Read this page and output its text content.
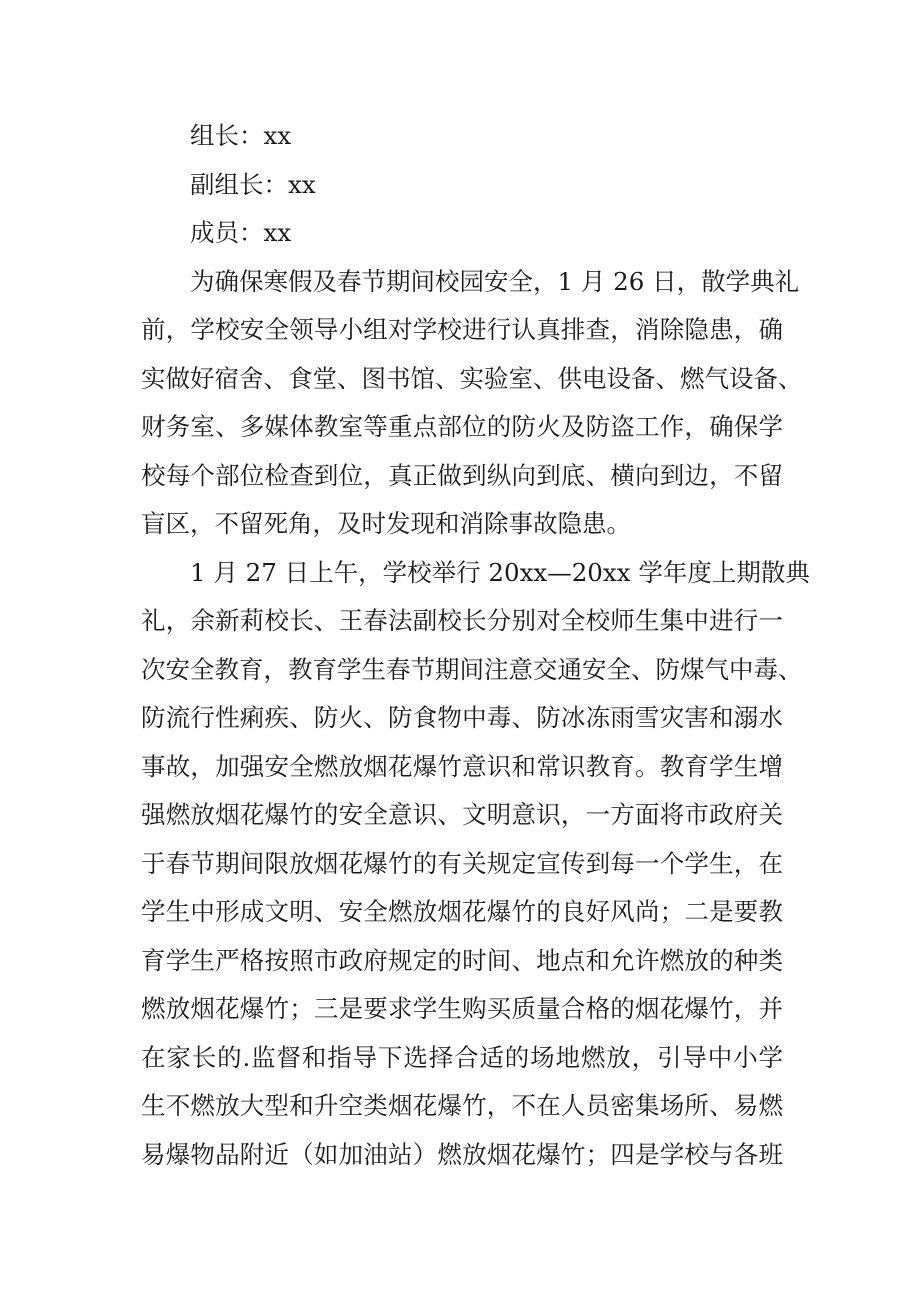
组长：xx
副组长：xx
成员：xx
为确保寒假及春节期间校园安全，1 月 26 日，散学典礼
前，学校安全领导小组对学校进行认真排查，消除隐患，确
实做好宿舍、食堂、图书馆、实验室、供电设备、燃气设备、
财务室、多媒体教室等重点部位的防火及防盗工作，确保学
校每个部位检查到位，真正做到纵向到底、横向到边，不留
盲区，不留死角，及时发现和消除事故隐患。
1 月 27 日上午，学校举行 20xx—20xx 学年度上期散典
礼，余新莉校长、王春法副校长分别对全校师生集中进行一
次安全教育，教育学生春节期间注意交通安全、防煤气中毒、
防流行性痢疾、防火、防食物中毒、防冰冻雨雪灾害和溺水
事故，加强安全燃放烟花爆竹意识和常识教育。教育学生增
强燃放烟花爆竹的安全意识、文明意识，一方面将市政府关
于春节期间限放烟花爆竹的有关规定宣传到每一个学生，在
学生中形成文明、安全燃放烟花爆竹的良好风尚；二是要教
育学生严格按照市政府规定的时间、地点和允许燃放的种类
燃放烟花爆竹；三是要求学生购买质量合格的烟花爆竹，并
在家长的.监督和指导下选择合适的场地燃放，引导中小学
生不燃放大型和升空类烟花爆竹，不在人员密集场所、易燃
易爆物品附近（如加油站）燃放烟花爆竹；四是学校与各班
